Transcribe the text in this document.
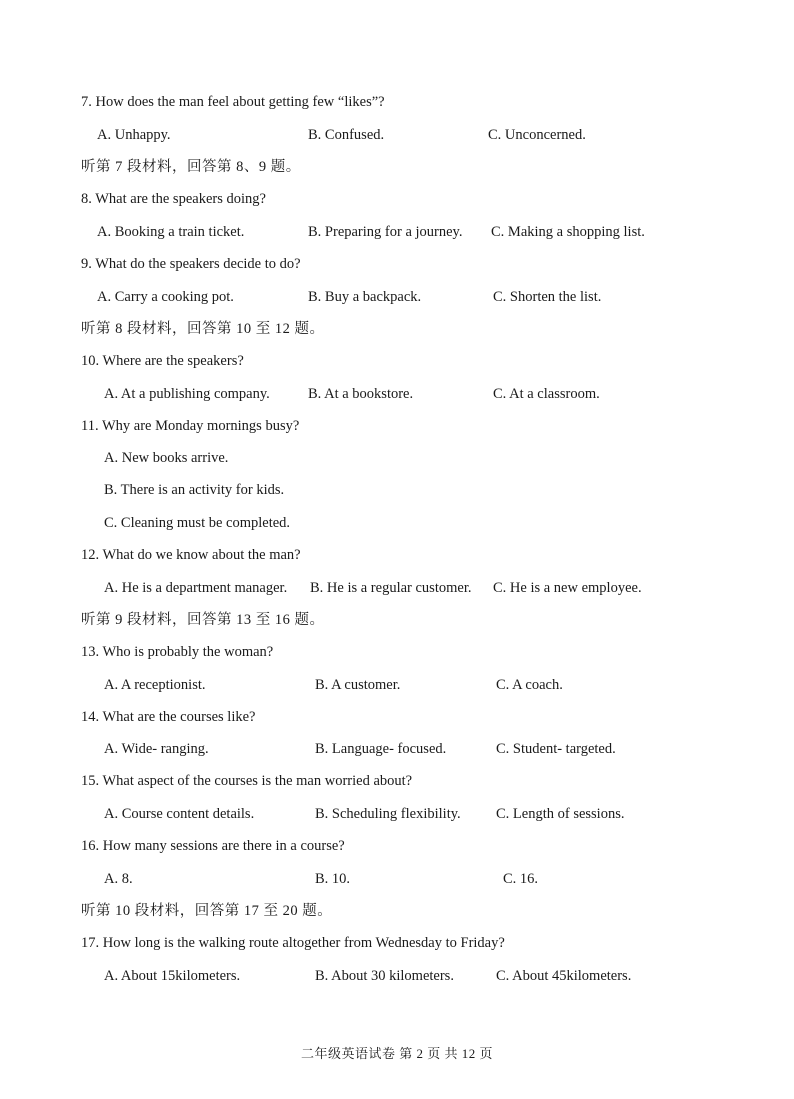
7. How does the man feel about getting few “likes”?
A. Unhappy.	B. Confused.	C. Unconcerned.
听第 7 段材料，回答第 8、9 题。
8. What are the speakers doing?
A. Booking a train ticket.	B. Preparing for a journey. C. Making a shopping list.
9. What do the speakers decide to do?
A. Carry a cooking pot.	B. Buy a backpack.	C. Shorten the list.
听第 8 段材料，回答第 10 至 12 题。
10. Where are the speakers?
A. At a publishing company.	B. At a bookstore.	C. At a classroom.
11. Why are Monday mornings busy?
A. New books arrive.
B. There is an activity for kids.
C. Cleaning must be completed.
12. What do we know about the man?
A. He is a department manager. B. He is a regular customer. C. He is a new employee.
听第 9 段材料，回答第 13 至 16 题。
13. Who is probably the woman?
A. A receptionist.	B. A customer.	C. A coach.
14. What are the courses like?
A. Wide- ranging.	B. Language- focused.	C. Student- targeted.
15. What aspect of the courses is the man worried about?
A. Course content details.	B. Scheduling flexibility. C. Length of sessions.
16. How many sessions are there in a course?
A. 8.	B. 10.	C. 16.
听第 10 段材料，回答第 17 至 20 题。
17. How long is the walking route altogether from Wednesday to Friday?
A. About 15kilometers.	B. About 30 kilometers.	C. About 45kilometers.
二年级英语试卷 第 2 页 共 12 页
